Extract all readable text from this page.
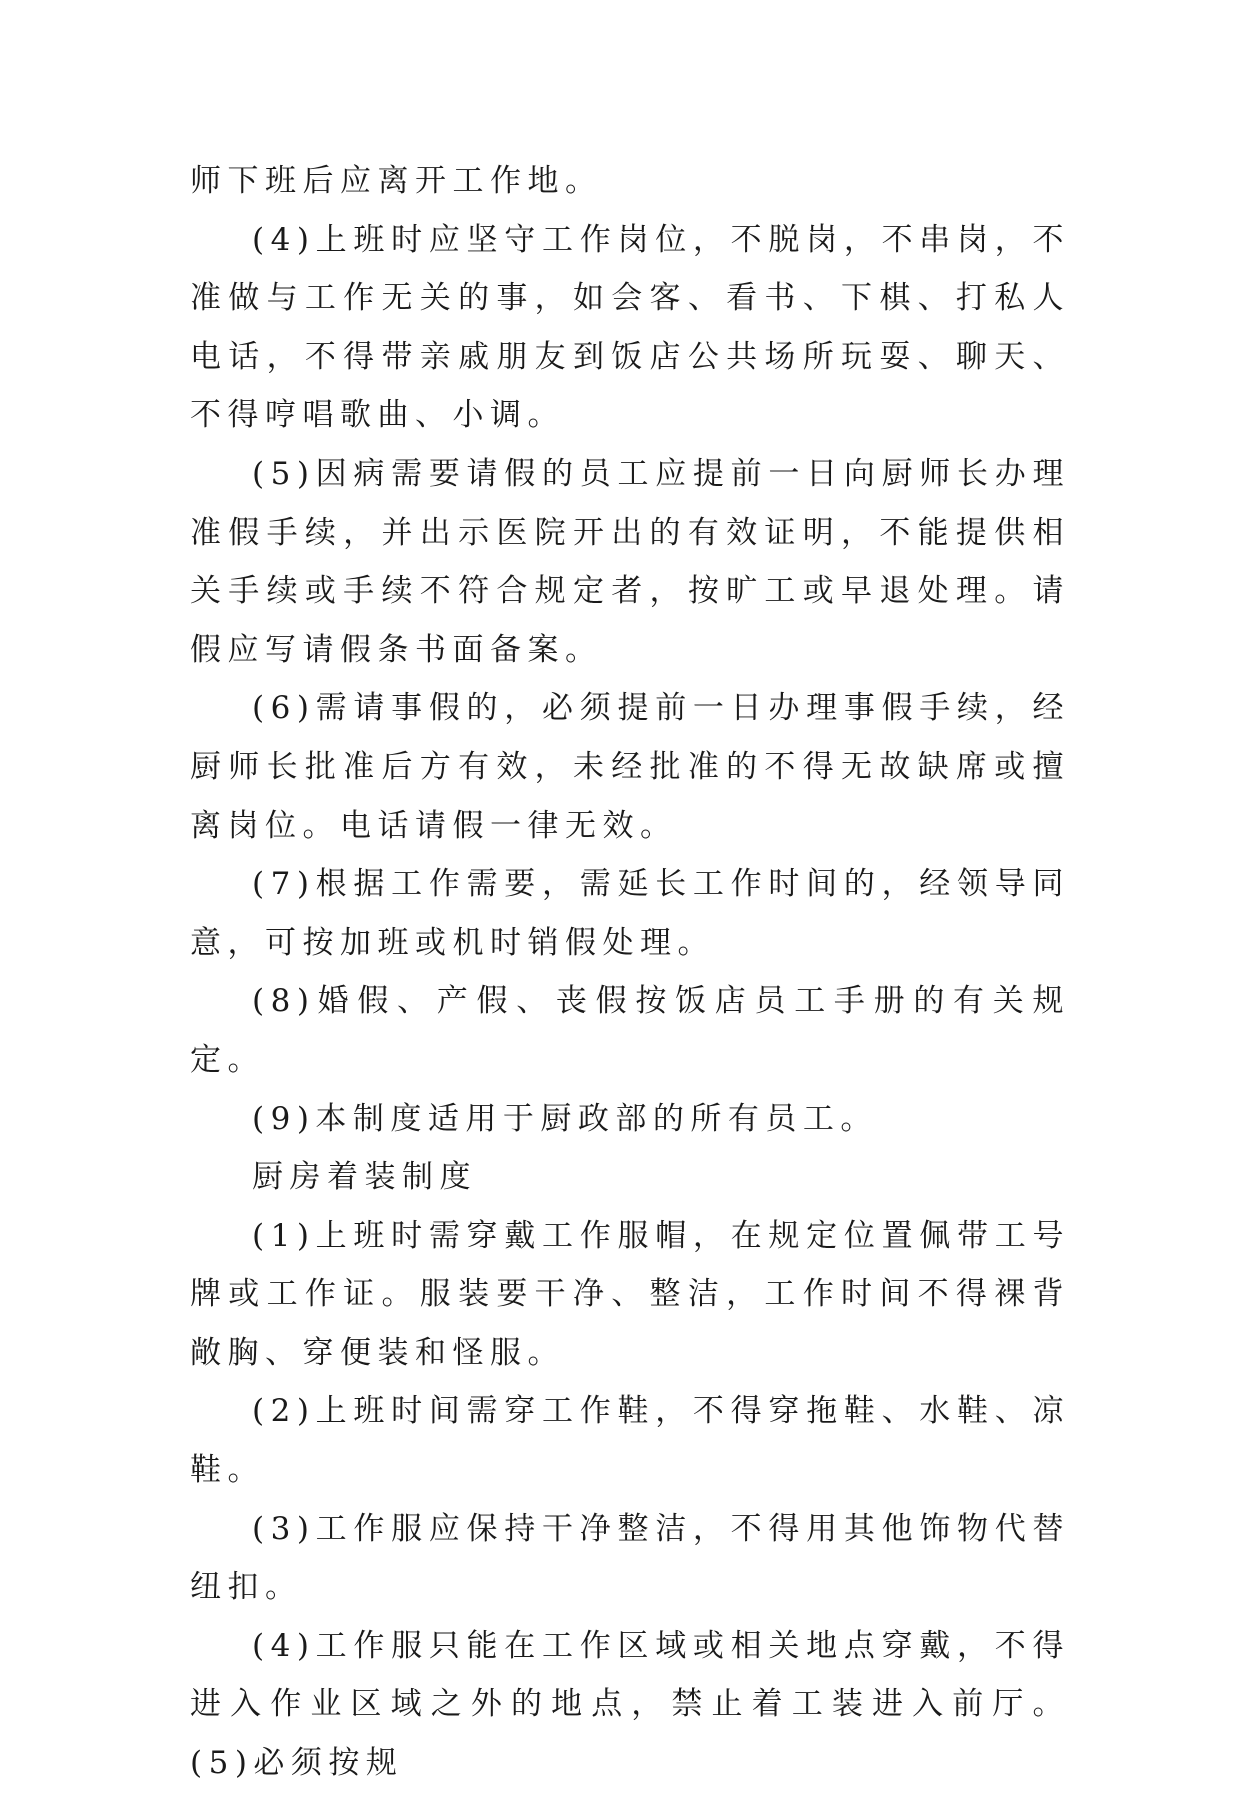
师下班后应离开工作地。

(4)上班时应坚守工作岗位，不脱岗，不串岗，不准做与工作无关的事，如会客、看书、下棋、打私人电话，不得带亲戚朋友到饭店公共场所玩耍、聊天、不得哼唱歌曲、小调。

(5)因病需要请假的员工应提前一日向厨师长办理准假手续，并出示医院开出的有效证明，不能提供相关手续或手续不符合规定者，按旷工或早退处理。请假应写请假条书面备案。

(6)需请事假的，必须提前一日办理事假手续，经厨师长批准后方有效，未经批准的不得无故缺席或擅离岗位。电话请假一律无效。

(7)根据工作需要，需延长工作时间的，经领导同意，可按加班或机时销假处理。

(8)婚假、产假、丧假按饭店员工手册的有关规定。

(9)本制度适用于厨政部的所有员工。

厨房着装制度

(1)上班时需穿戴工作服帽，在规定位置佩带工号牌或工作证。服装要干净、整洁，工作时间不得裸背敞胸、穿便装和怪服。

(2)上班时间需穿工作鞋，不得穿拖鞋、水鞋、凉鞋。

(3)工作服应保持干净整洁，不得用其他饰物代替纽扣。

(4)工作服只能在工作区域或相关地点穿戴，不得进入作业区域之外的地点，禁止着工装进入前厅。(5)必须按规
